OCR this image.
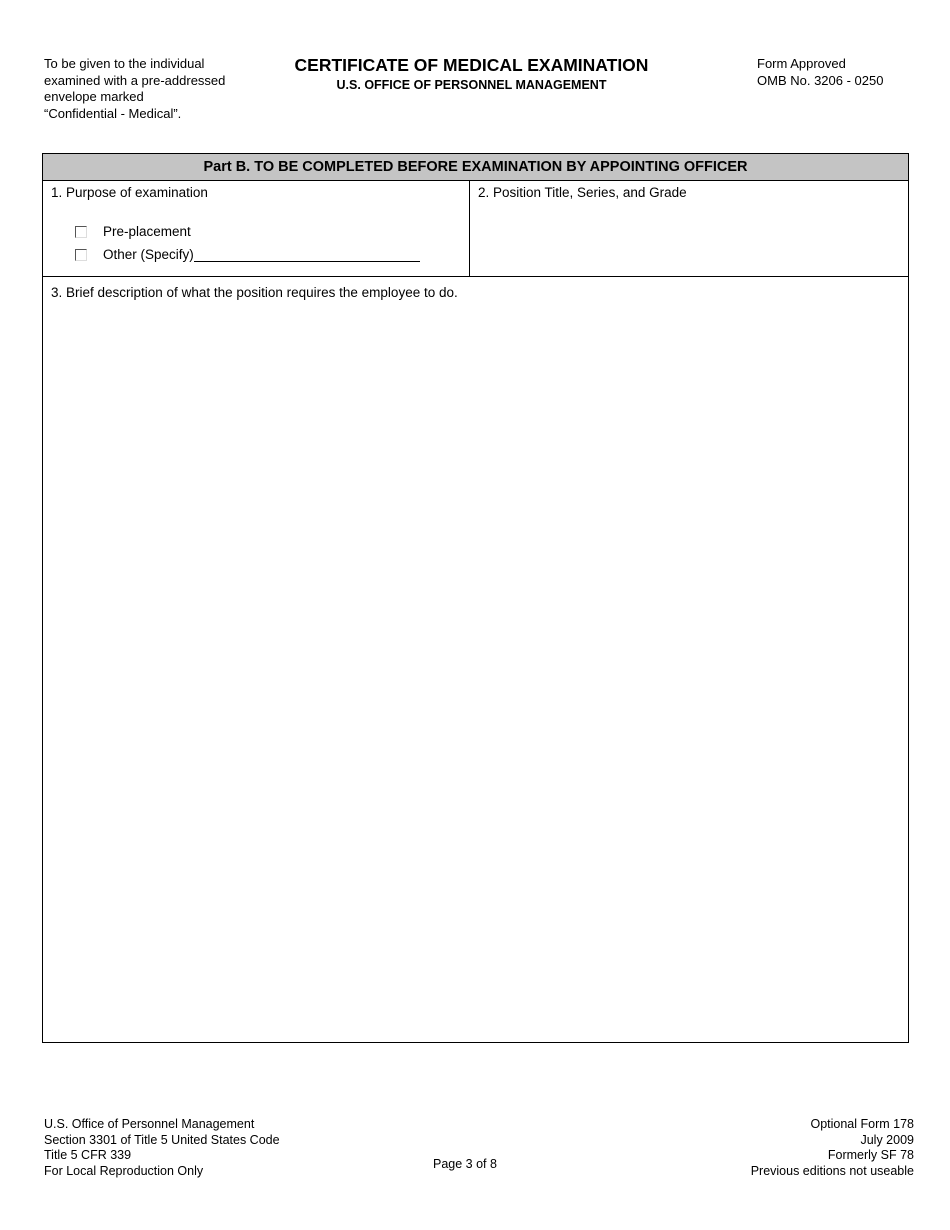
To be given to the individual
examined with a pre-addressed
envelope marked
“Confidential - Medical”.
CERTIFICATE OF MEDICAL EXAMINATION
U.S. OFFICE OF PERSONNEL MANAGEMENT
Form Approved
OMB No. 3206 - 0250
Part B. TO BE COMPLETED BEFORE EXAMINATION BY APPOINTING OFFICER
1. Purpose of examination
Pre-placement
Other (Specify)
2. Position Title, Series, and Grade
3. Brief description of what the position requires the employee to do.
U.S. Office of Personnel Management
Section 3301 of Title 5 United States Code
Title 5 CFR 339
For Local Reproduction Only	Page 3 of 8
Optional Form 178
July 2009
Formerly SF 78
Previous editions not useable
